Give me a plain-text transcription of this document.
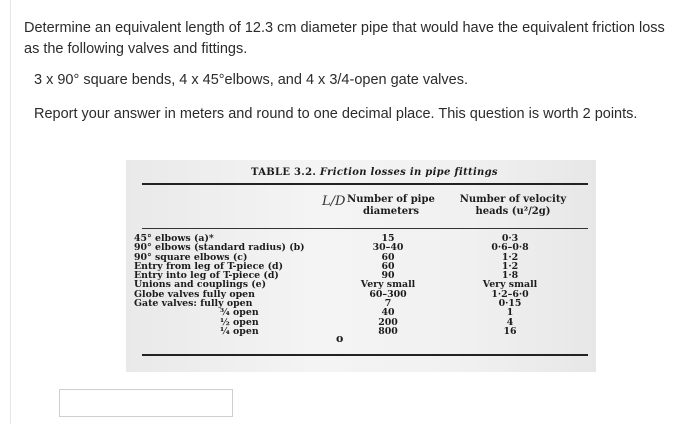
Determine an equivalent length of 12.3 cm diameter pipe that would have the equivalent friction loss as the following valves and fittings.

3 x 90° square bends, 4 x 45°elbows, and 4 x 3/4-open gate valves.

Report your answer in meters and round to one decimal place. This question is worth 2 points.

TABLE 3.2. Friction losses in pipe fittings
L/D Number of pipe diameters
Number of velocity heads (u²/2g)
45° elbows (a)*
90° elbows (standard radius) (b)
90° square elbows (c)
Entry from leg of T-piece (d)
Entry into leg of T-piece (d)
Unions and couplings (e)
Globe valves fully open
Gate valves: fully open
¾ open
½ open
¼ open
15
30–40
60
60
90
Very small
60–300
7
40
200
800
0·3
0·6–0·8
1·2
1·2
1·8
Very small
1·2–6·0
0·15
1
4
16
o
